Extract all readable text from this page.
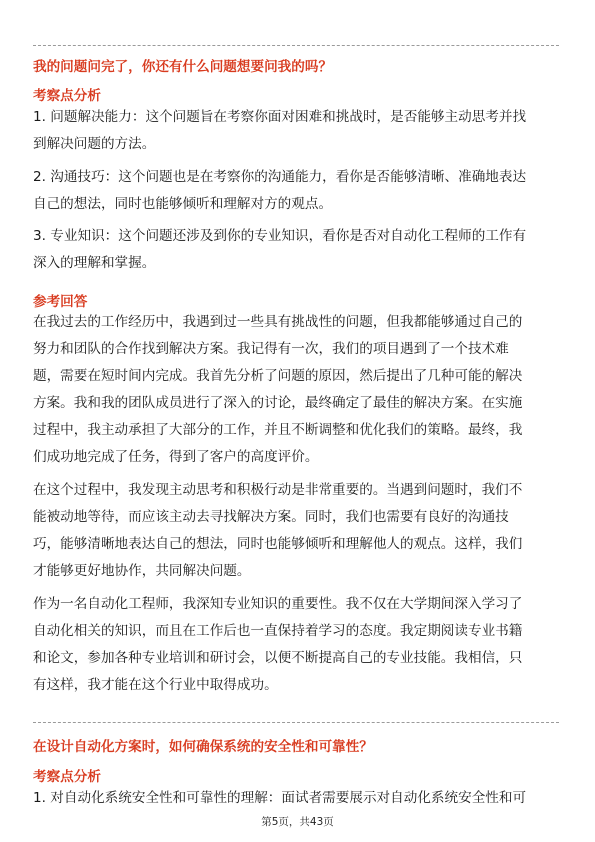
我的问题问完了，你还有什么问题想要问我的吗？
考察点分析
1. 问题解决能力：这个问题旨在考察你面对困难和挑战时，是否能够主动思考并找
到解决问题的方法。
2. 沟通技巧：这个问题也是在考察你的沟通能力，看你是否能够清晰、准确地表达
自己的想法，同时也能够倾听和理解对方的观点。
3. 专业知识：这个问题还涉及到你的专业知识，看你是否对自动化工程师的工作有
深入的理解和掌握。
参考回答
在我过去的工作经历中，我遇到过一些具有挑战性的问题，但我都能够通过自己的
努力和团队的合作找到解决方案。我记得有一次，我们的项目遇到了一个技术难
题，需要在短时间内完成。我首先分析了问题的原因，然后提出了几种可能的解决
方案。我和我的团队成员进行了深入的讨论，最终确定了最佳的解决方案。在实施
过程中，我主动承担了大部分的工作，并且不断调整和优化我们的策略。最终，我
们成功地完成了任务，得到了客户的高度评价。
在这个过程中，我发现主动思考和积极行动是非常重要的。当遇到问题时，我们不
能被动地等待，而应该主动去寻找解决方案。同时，我们也需要有良好的沟通技
巧，能够清晰地表达自己的想法，同时也能够倾听和理解他人的观点。这样，我们
才能够更好地协作，共同解决问题。
作为一名自动化工程师，我深知专业知识的重要性。我不仅在大学期间深入学习了
自动化相关的知识，而且在工作后也一直保持着学习的态度。我定期阅读专业书籍
和论文，参加各种专业培训和研讨会，以便不断提高自己的专业技能。我相信，只
有这样，我才能在这个行业中取得成功。
在设计自动化方案时，如何确保系统的安全性和可靠性？
考察点分析
1. 对自动化系统安全性和可靠性的理解：面试者需要展示对自动化系统安全性和可
第5页，共43页
